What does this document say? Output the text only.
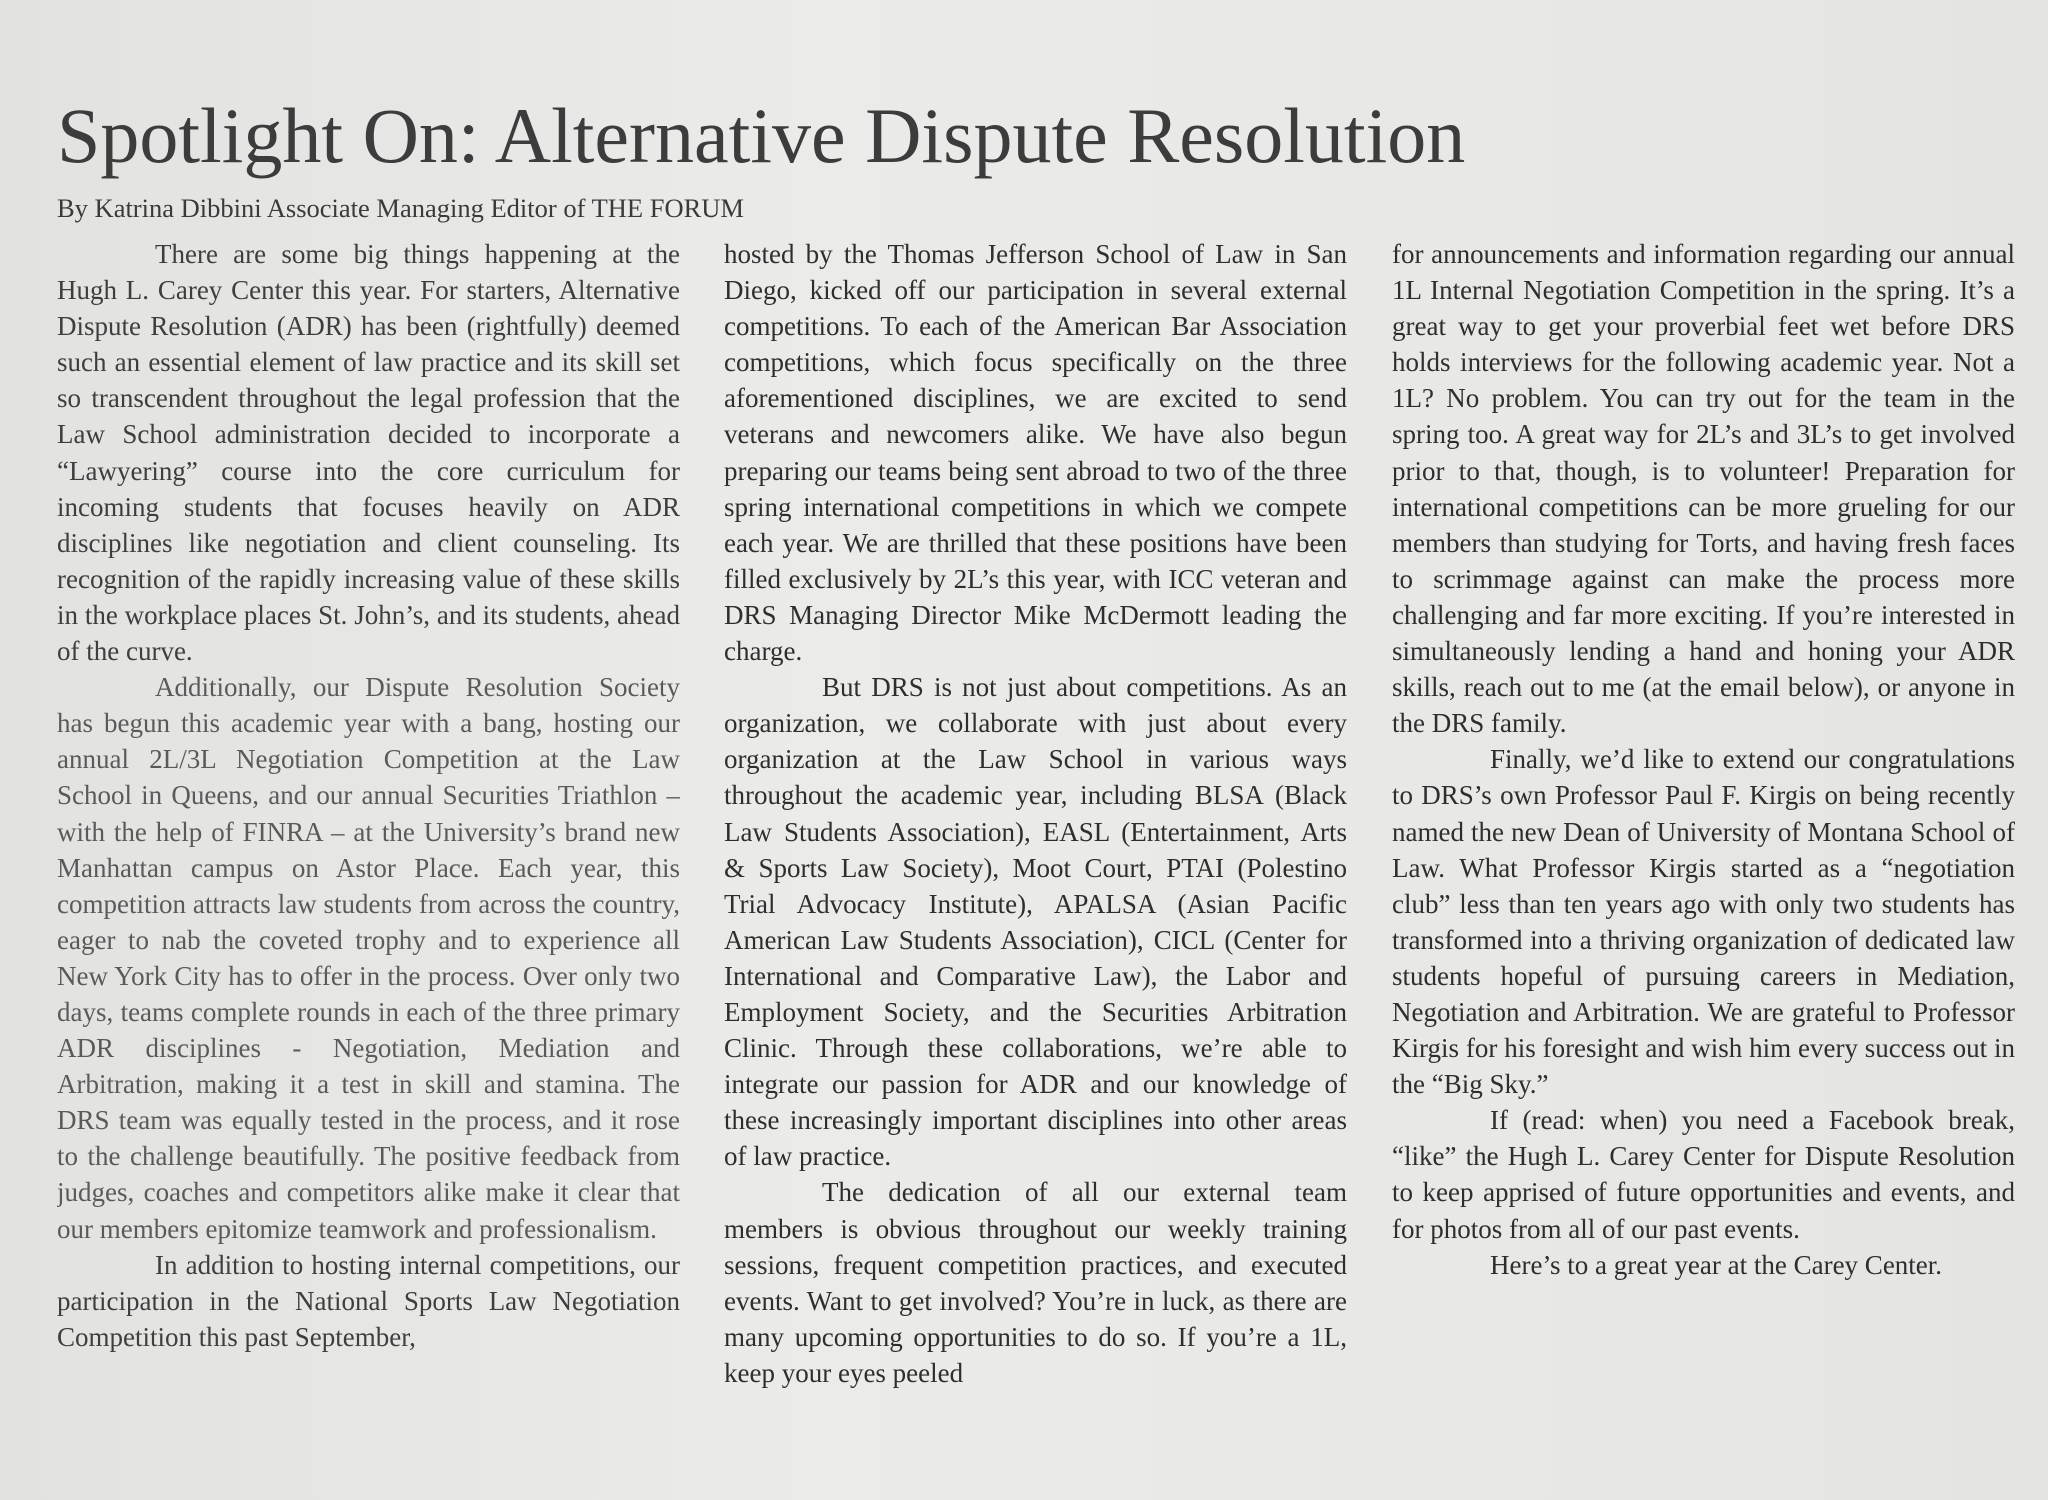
Spotlight On: Alternative Dispute Resolution
By Katrina Dibbini Associate Managing Editor of THE FORUM

There are some big things happening at the Hugh L. Carey Center this year. For starters, Alternative Dispute Resolution (ADR) has been (rightfully) deemed such an essential element of law practice and its skill set so transcendent throughout the legal profession that the Law School administration decided to incorporate a “Lawyering” course into the core curriculum for incoming students that focuses heavily on ADR disciplines like negotiation and client counseling. Its recognition of the rapidly increasing value of these skills in the workplace places St. John’s, and its students, ahead of the curve.

Additionally, our Dispute Resolution Society has begun this academic year with a bang, hosting our annual 2L/3L Negotiation Competition at the Law School in Queens, and our annual Securities Triathlon – with the help of FINRA – at the University’s brand new Manhattan campus on Astor Place. Each year, this competition attracts law students from across the country, eager to nab the coveted trophy and to experience all New York City has to offer in the process. Over only two days, teams complete rounds in each of the three primary ADR disciplines - Negotiation, Mediation and Arbitration, making it a test in skill and stamina. The DRS team was equally tested in the process, and it rose to the challenge beautifully. The positive feedback from judges, coaches and competitors alike make it clear that our members epitomize teamwork and professionalism.

In addition to hosting internal competitions, our participation in the National Sports Law Negotiation Competition this past September,

hosted by the Thomas Jefferson School of Law in San Diego, kicked off our participation in several external competitions. To each of the American Bar Association competitions, which focus specifically on the three aforementioned disciplines, we are excited to send veterans and newcomers alike. We have also begun preparing our teams being sent abroad to two of the three spring international competitions in which we compete each year. We are thrilled that these positions have been filled exclusively by 2L’s this year, with ICC veteran and DRS Managing Director Mike McDermott leading the charge.

But DRS is not just about competitions. As an organization, we collaborate with just about every organization at the Law School in various ways throughout the academic year, including BLSA (Black Law Students Association), EASL (Entertainment, Arts & Sports Law Society), Moot Court, PTAI (Polestino Trial Advocacy Institute), APALSA (Asian Pacific American Law Students Association), CICL (Center for International and Comparative Law), the Labor and Employment Society, and the Securities Arbitration Clinic. Through these collaborations, we’re able to integrate our passion for ADR and our knowledge of these increasingly important disciplines into other areas of law practice.

The dedication of all our external team members is obvious throughout our weekly training sessions, frequent competition practices, and executed events. Want to get involved? You’re in luck, as there are many upcoming opportunities to do so. If you’re a 1L, keep your eyes peeled

for announcements and information regarding our annual 1L Internal Negotiation Competition in the spring. It’s a great way to get your proverbial feet wet before DRS holds interviews for the following academic year. Not a 1L? No problem. You can try out for the team in the spring too. A great way for 2L’s and 3L’s to get involved prior to that, though, is to volunteer! Preparation for international competitions can be more grueling for our members than studying for Torts, and having fresh faces to scrimmage against can make the process more challenging and far more exciting. If you’re interested in simultaneously lending a hand and honing your ADR skills, reach out to me (at the email below), or anyone in the DRS family.

Finally, we’d like to extend our congratulations to DRS’s own Professor Paul F. Kirgis on being recently named the new Dean of University of Montana School of Law. What Professor Kirgis started as a “negotiation club” less than ten years ago with only two students has transformed into a thriving organization of dedicated law students hopeful of pursuing careers in Mediation, Negotiation and Arbitration. We are grateful to Professor Kirgis for his foresight and wish him every success out in the “Big Sky.”

If (read: when) you need a Facebook break, “like” the Hugh L. Carey Center for Dispute Resolution to keep apprised of future opportunities and events, and for photos from all of our past events.

Here’s to a great year at the Carey Center.
